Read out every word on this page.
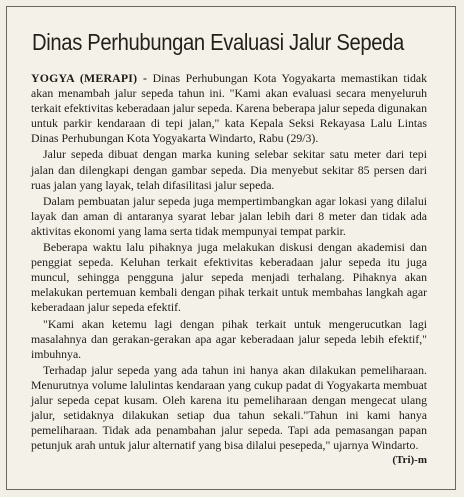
Dinas Perhubungan Evaluasi Jalur Sepeda

YOGYA (MERAPI) - Dinas Perhubungan Kota Yogyakarta memastikan tidak akan menambah jalur sepeda tahun ini. "Kami akan evaluasi secara menyeluruh terkait efektivitas keberadaan jalur sepeda. Karena beberapa jalur sepeda digunakan untuk parkir kendaraan di tepi jalan," kata Kepala Seksi Rekayasa Lalu Lintas Dinas Perhubungan Kota Yogyakarta Windarto, Rabu (29/3).

Jalur sepeda dibuat dengan marka kuning selebar sekitar satu meter dari tepi jalan dan dilengkapi dengan gambar sepeda. Dia menyebut sekitar 85 persen dari ruas jalan yang layak, telah difasilitasi jalur sepeda.

Dalam pembuatan jalur sepeda juga mempertimbangkan agar lokasi yang dilalui layak dan aman di antaranya syarat lebar jalan lebih dari 8 meter dan tidak ada aktivitas ekonomi yang lama serta tidak mempunyai tempat parkir.

Beberapa waktu lalu pihaknya juga melakukan diskusi dengan akademisi dan penggiat sepeda. Keluhan terkait efektivitas keberadaan jalur sepeda itu juga muncul, sehingga pengguna jalur sepeda menjadi terhalang. Pihaknya akan melakukan pertemuan kembali dengan pihak terkait untuk membahas langkah agar keberadaan jalur sepeda efektif.

"Kami akan ketemu lagi dengan pihak terkait untuk mengerucutkan lagi masalahnya dan gerakan-gerakan apa agar keberadaan jalur sepeda lebih efektif," imbuhnya.

Terhadap jalur sepeda yang ada tahun ini hanya akan dilakukan pemeliharaan. Menurutnya volume lalulintas kendaraan yang cukup padat di Yogyakarta membuat jalur sepeda cepat kusam. Oleh karena itu pemeliharaan dengan mengecat ulang jalur, setidaknya dilakukan setiap dua tahun sekali."Tahun ini kami hanya pemeliharaan. Tidak ada penambahan jalur sepeda. Tapi ada pemasangan papan petunjuk arah untuk jalur alternatif yang bisa dilalui pesepeda," ujarnya Windarto.
(Tri)-m
